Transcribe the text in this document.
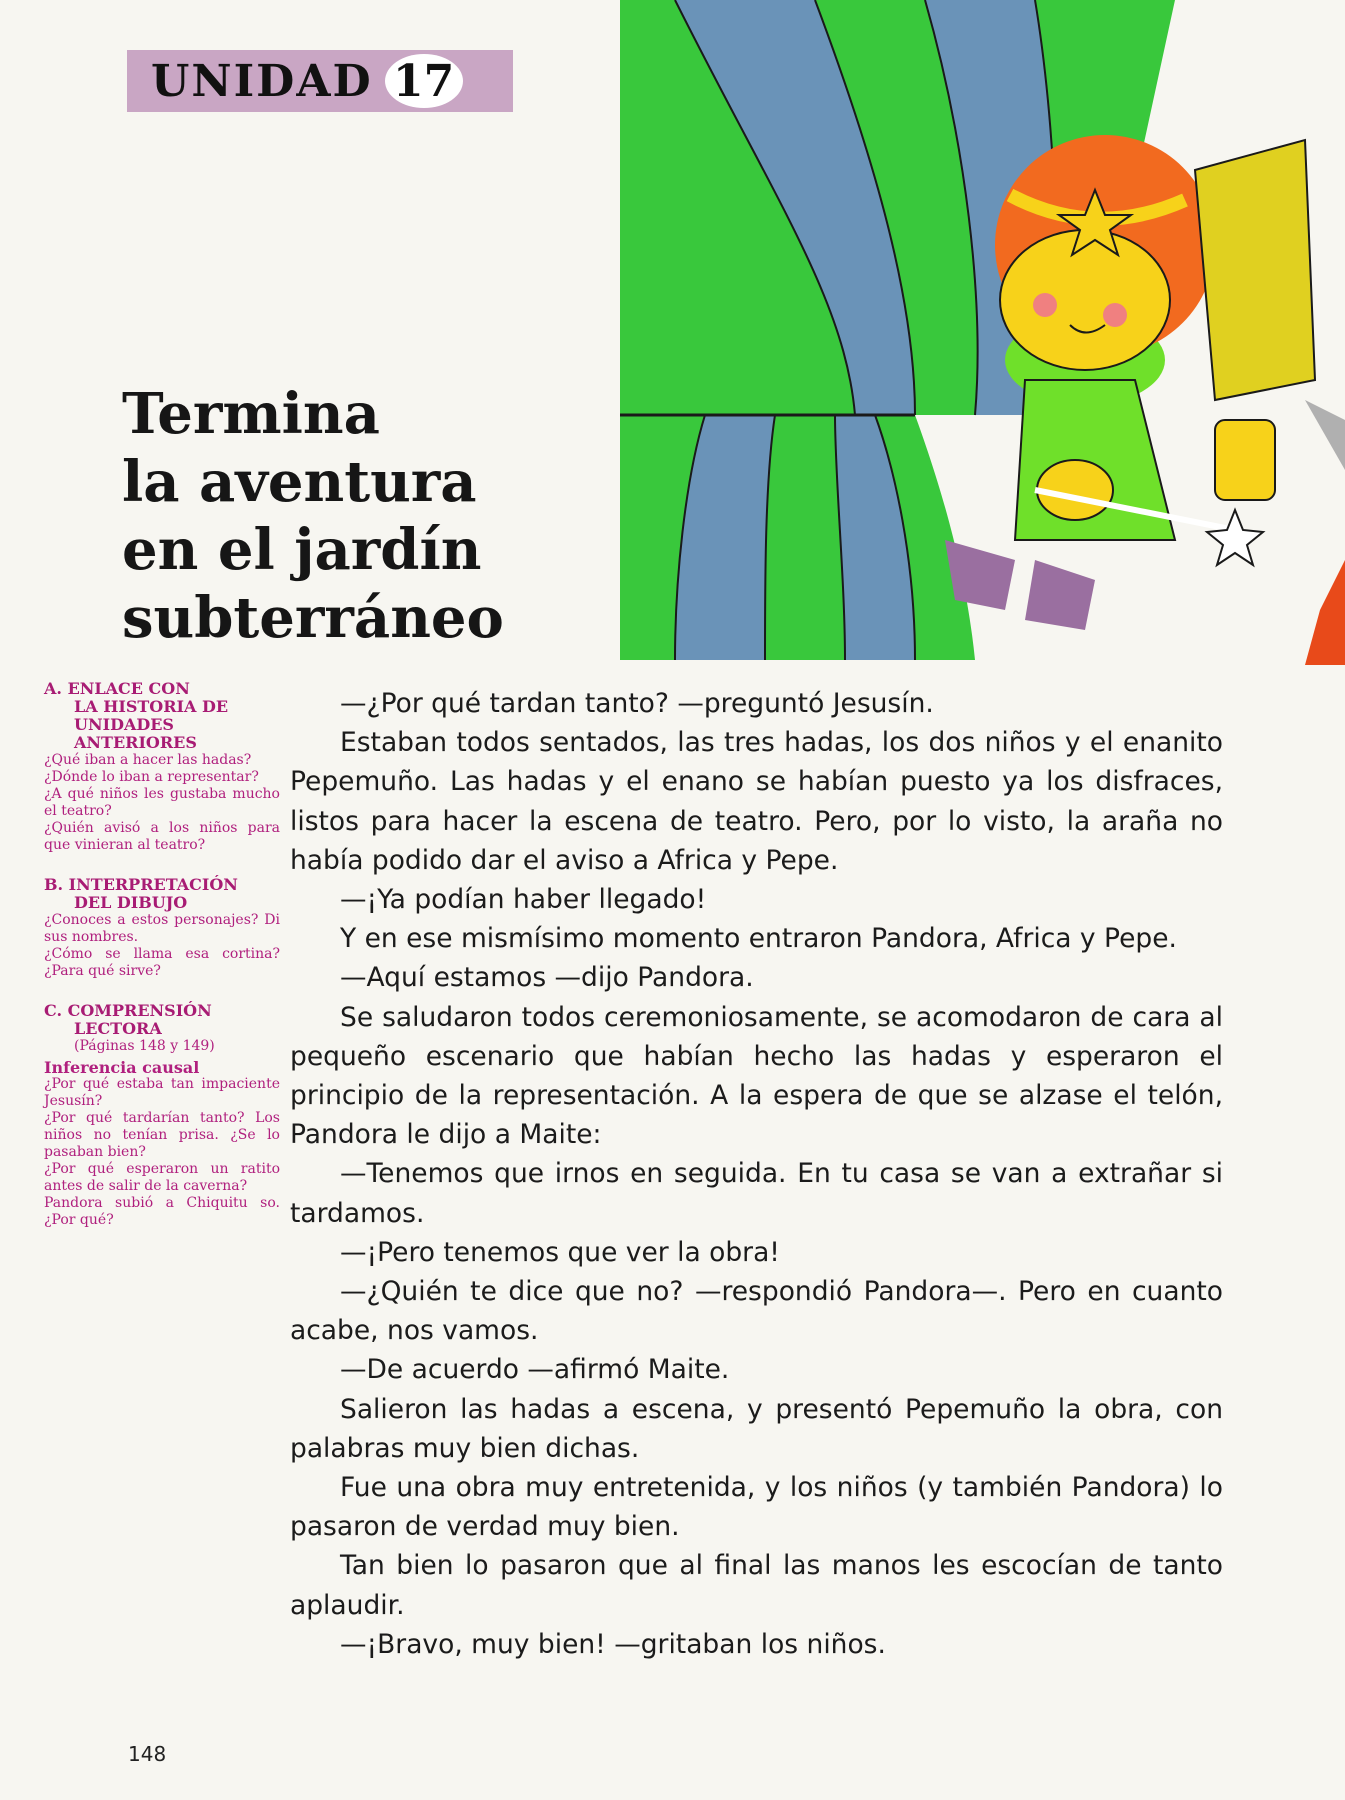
UNIDAD 17
Termina
la aventura
en el jardín
subterráneo
A. ENLACE CON
LA HISTORIA DE UNIDADES ANTERIORES
¿Qué iban a hacer las hadas?
¿Dónde lo iban a representar?
¿A qué niños les gustaba mucho el teatro?
¿Quién avisó a los niños para que vinieran al teatro?
B. INTERPRETACIÓN
DEL DIBUJO
¿Conoces a estos personajes? Di sus nombres.
¿Cómo se llama esa cortina? ¿Para qué sirve?
C. COMPRENSIÓN
LECTORA
(Páginas 148 y 149)
Inferencia causal
¿Por qué estaba tan impaciente Jesusín?
¿Por qué tardarían tanto? Los niños no tenían prisa. ¿Se lo pasaban bien?
¿Por qué esperaron un ratito antes de salir de la caverna?
Pandora subió a Chiquitu so. ¿Por qué?

—¿Por qué tardan tanto? —preguntó Jesusín.

Estaban todos sentados, las tres hadas, los dos niños y el enanito Pepemuño. Las hadas y el enano se habían puesto ya los disfraces, listos para hacer la escena de teatro. Pero, por lo visto, la araña no había podido dar el aviso a Africa y Pepe.

—¡Ya podían haber llegado!

Y en ese mismísimo momento entraron Pandora, Africa y Pepe.

—Aquí estamos —dijo Pandora.

Se saludaron todos ceremoniosamente, se acomodaron de cara al pequeño escenario que habían hecho las hadas y esperaron el principio de la representación. A la espera de que se alzase el telón, Pandora le dijo a Maite:

—Tenemos que irnos en seguida. En tu casa se van a extrañar si tardamos.

—¡Pero tenemos que ver la obra!

—¿Quién te dice que no? —respondió Pandora—. Pero en cuanto acabe, nos vamos.

—De acuerdo —afirmó Maite.

Salieron las hadas a escena, y presentó Pepemuño la obra, con palabras muy bien dichas.

Fue una obra muy entretenida, y los niños (y también Pandora) lo pasaron de verdad muy bien.

Tan bien lo pasaron que al final las manos les escocían de tanto aplaudir.

—¡Bravo, muy bien! —gritaban los niños.

148
